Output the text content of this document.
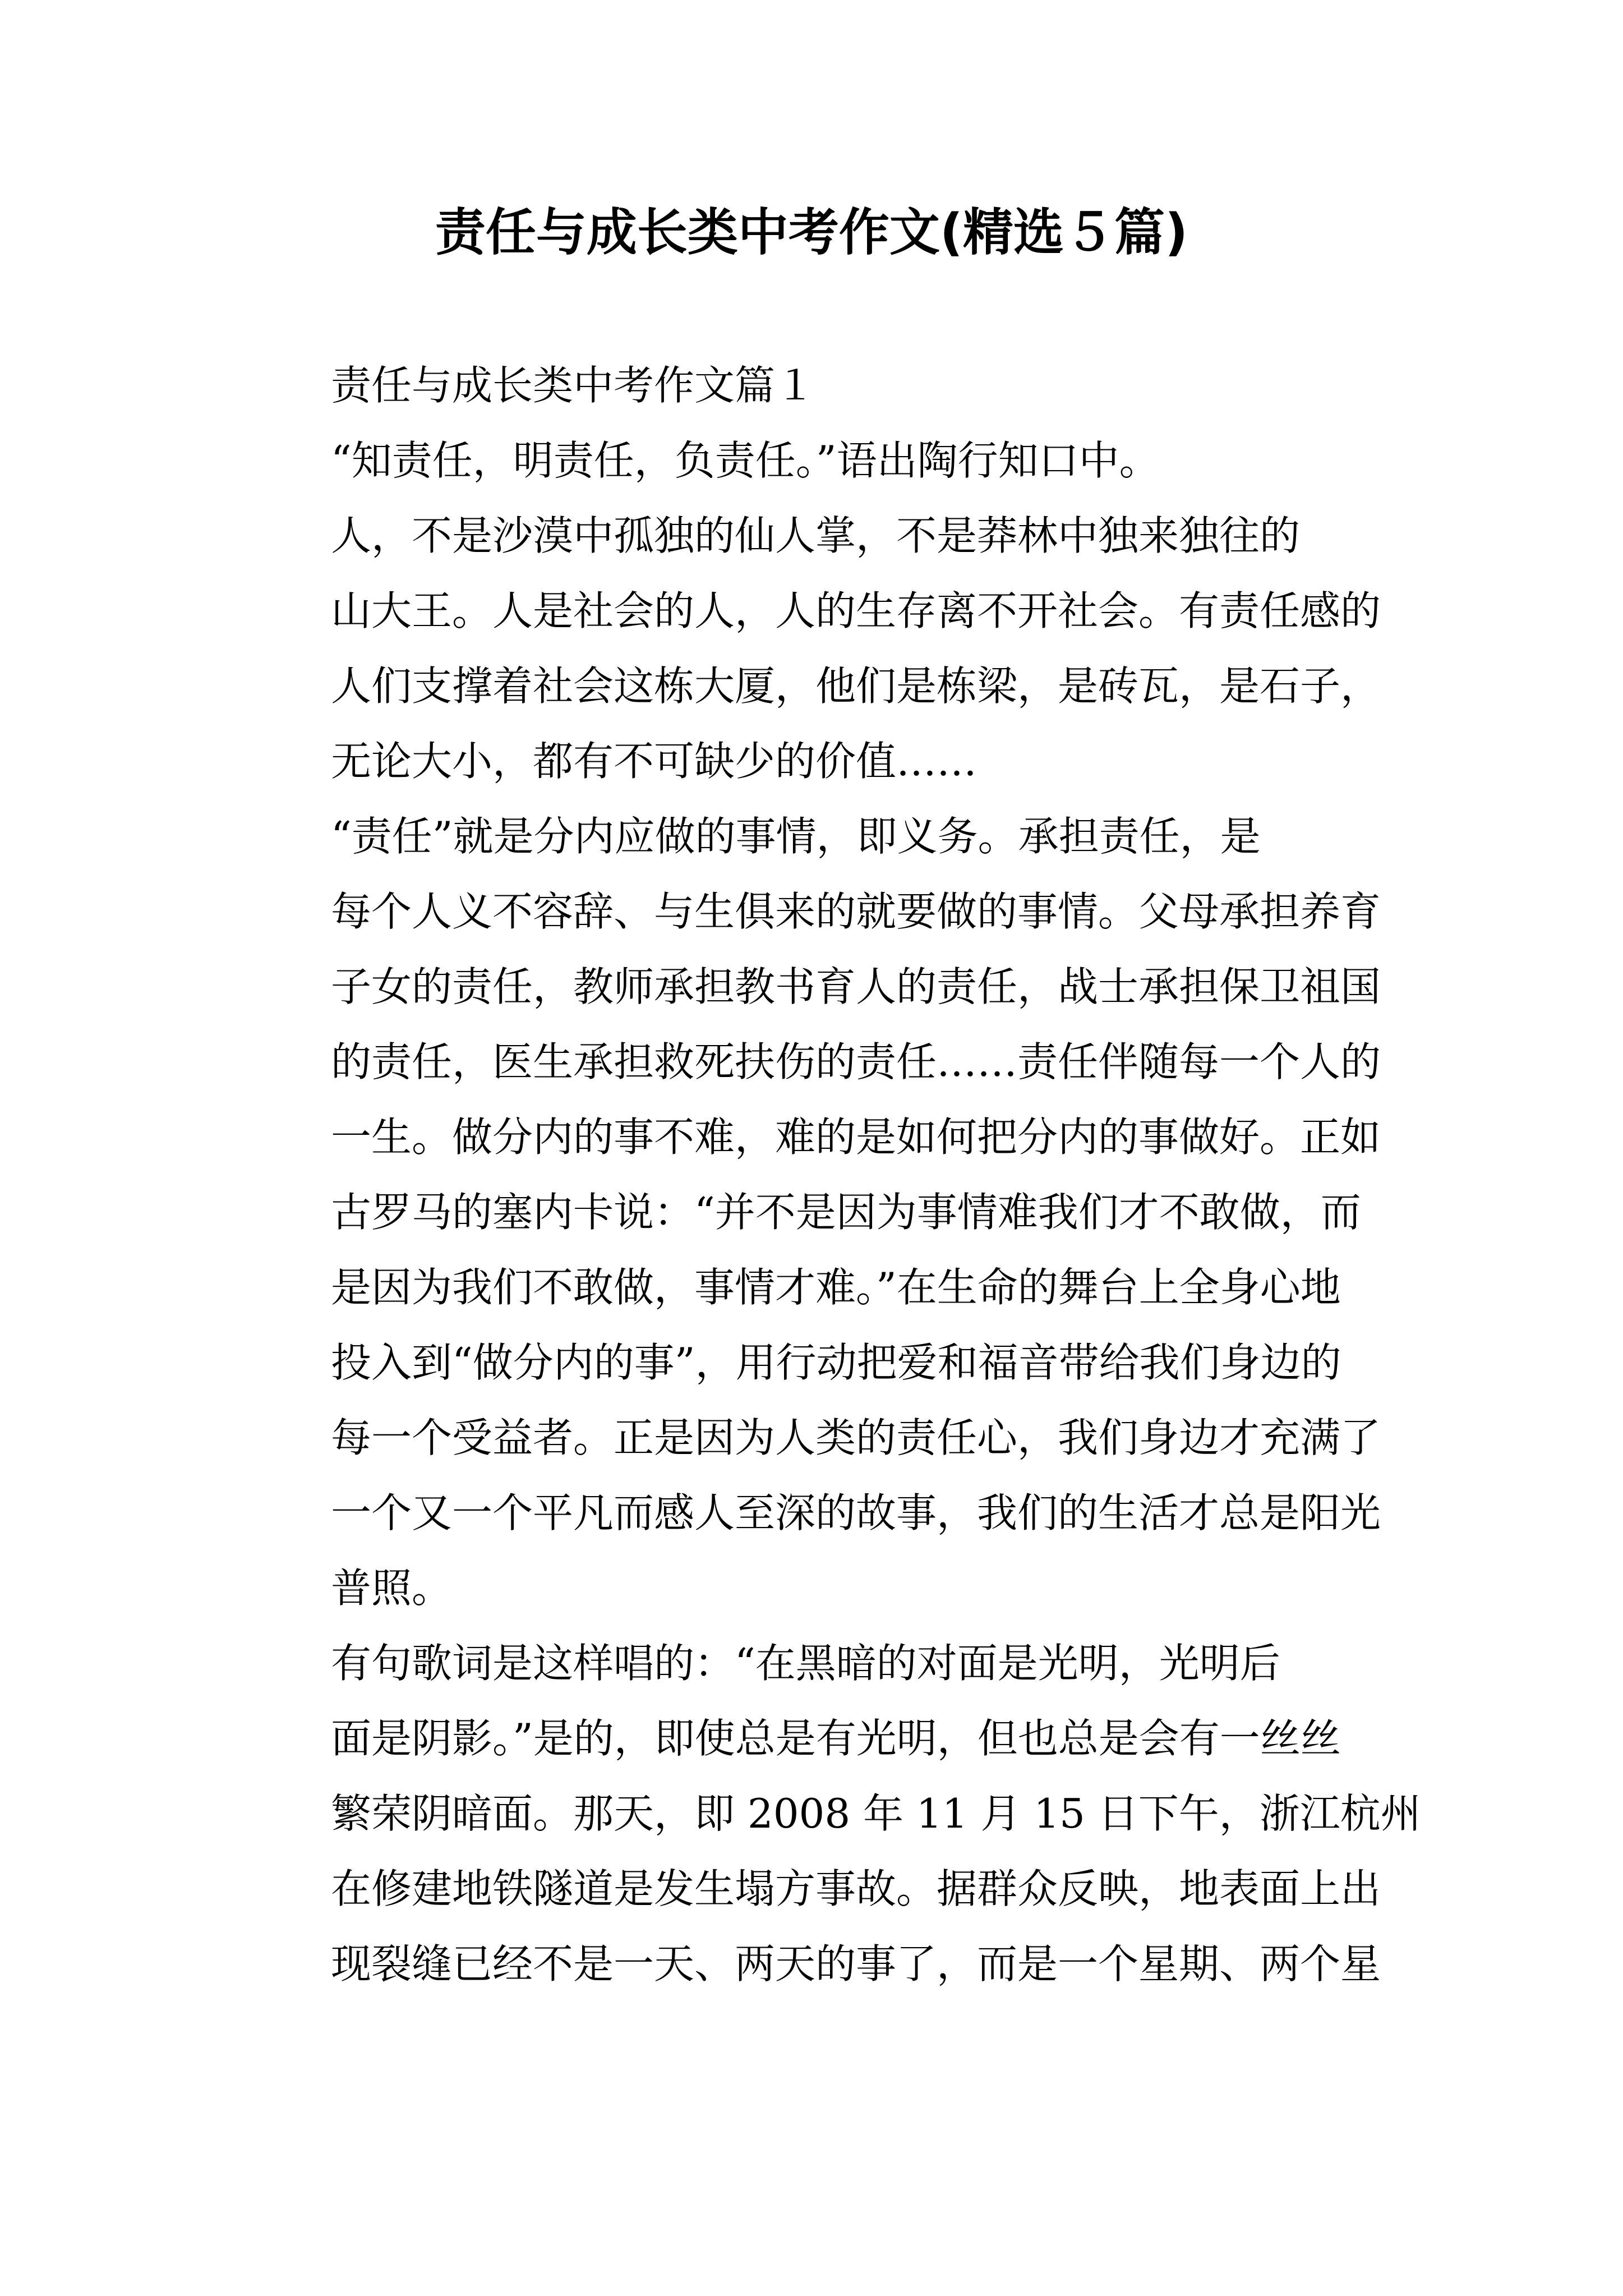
责任与成长类中考作文(精选５篇)

责任与成长类中考作文篇１

“知责任，明责任，负责任。”语出陶行知口中。

人，不是沙漠中孤独的仙人掌，不是莽林中独来独往的
山大王。人是社会的人，人的生存离不开社会。有责任感的
人们支撑着社会这栋大厦，他们是栋梁，是砖瓦，是石子，
无论大小，都有不可缺少的价值……

“责任”就是分内应做的事情，即义务。承担责任，是
每个人义不容辞、与生俱来的就要做的事情。父母承担养育
子女的责任，教师承担教书育人的责任，战士承担保卫祖国
的责任，医生承担救死扶伤的责任……责任伴随每一个人的
一生。做分内的事不难，难的是如何把分内的事做好。正如
古罗马的塞内卡说：“并不是因为事情难我们才不敢做，而
是因为我们不敢做，事情才难。”在生命的舞台上全身心地
投入到“做分内的事”，用行动把爱和福音带给我们身边的
每一个受益者。正是因为人类的责任心，我们身边才充满了
一个又一个平凡而感人至深的故事，我们的生活才总是阳光
普照。

有句歌词是这样唱的：“在黑暗的对面是光明，光明后
面是阴影。”是的，即使总是有光明，但也总是会有一丝丝
繁荣阴暗面。那天，即 2008 年 11 月 15 日下午，浙江杭州
在修建地铁隧道是发生塌方事故。据群众反映，地表面上出
现裂缝已经不是一天、两天的事了，而是一个星期、两个星
